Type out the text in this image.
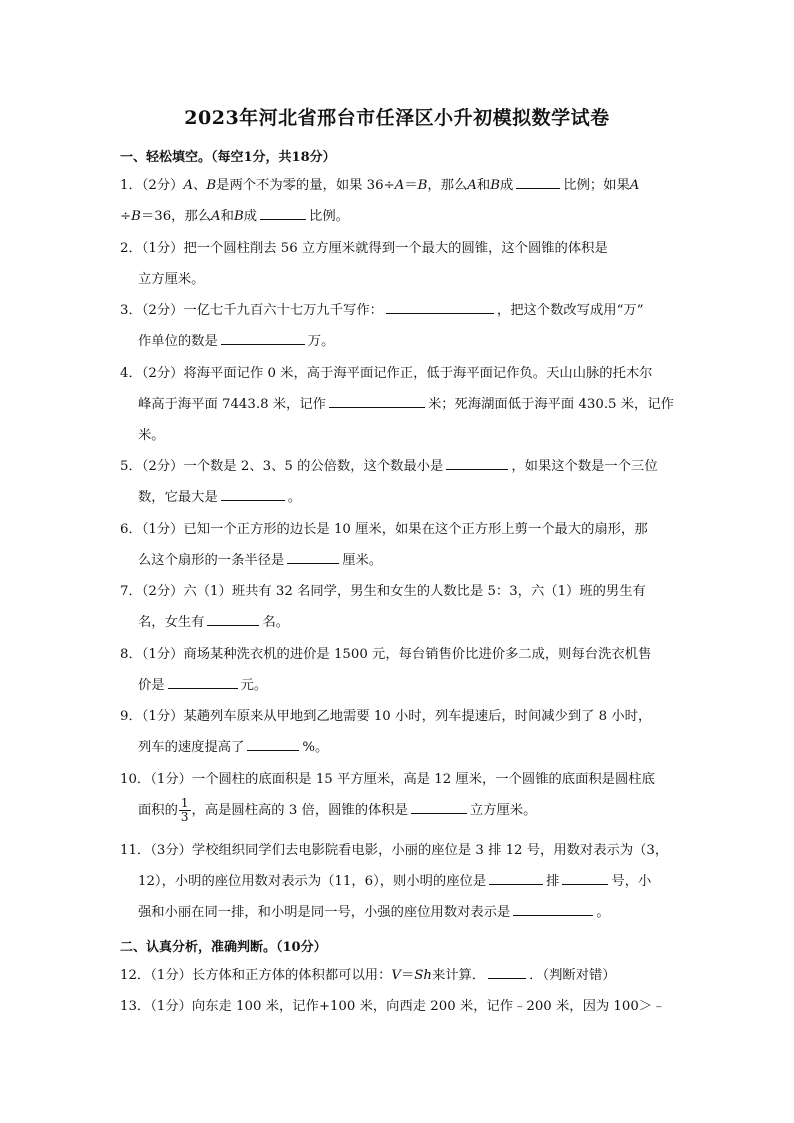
2023年河北省邢台市任泽区小升初模拟数学试卷
一、轻松填空。（每空1分，共18分）
1．（2分）A、B是两个不为零的量，如果 36÷A＝B，那么A和B成	比例；如果A
÷B＝36，那么A和B成	比例。
2．（1分）把一个圆柱削去 56 立方厘米就得到一个最大的圆锥，这个圆锥的体积是
立方厘米。
3．（2分）一亿七千九百六十七万九千写作：	，把这个数改写成用“万”
作单位的数是	万。
4．（2分）将海平面记作 0 米，高于海平面记作正，低于海平面记作负。天山山脉的托木尔
峰高于海平面 7443.8 米，记作	米；死海湖面低于海平面 430.5 米，记作
米。
5．（2分）一个数是 2、3、5 的公倍数，这个数最小是	，如果这个数是一个三位
数，它最大是	。
6．（1分）已知一个正方形的边长是 10 厘米，如果在这个正方形上剪一个最大的扇形，那
么这个扇形的一条半径是	厘米。
7．（2分）六（1）班共有 32 名同学，男生和女生的人数比是 5：3，六（1）班的男生有
名，女生有	名。
8．（1分）商场某种洗衣机的进价是 1500 元，每台销售价比进价多二成，则每台洗衣机售
价是	元。
9．（1分）某趟列车原来从甲地到乙地需要 10 小时，列车提速后，时间减少到了 8 小时，
列车的速度提高了	%。
10．（1分）一个圆柱的底面积是 15 平方厘米，高是 12 厘米，一个圆锥的底面积是圆柱底
面积的 $\frac{1}{3}$ ，高是圆柱高的 3 倍，圆锥的体积是	立方厘米。
11．（3分）学校组织同学们去电影院看电影，小丽的座位是 3 排 12 号，用数对表示为（3，
12），小明的座位用数对表示为（11，6），则小明的座位是	排	号，小
强和小丽在同一排，和小明是同一号，小强的座位用数对表示是	。
二、认真分析，准确判断。（10分）
12．（1分）长方体和正方体的体积都可以用：V＝Sh来计算．	．（判断对错）
13．（1分）向东走 100 米，记作+100 米，向西走 200 米，记作﹣200 米，因为 100＞﹣
